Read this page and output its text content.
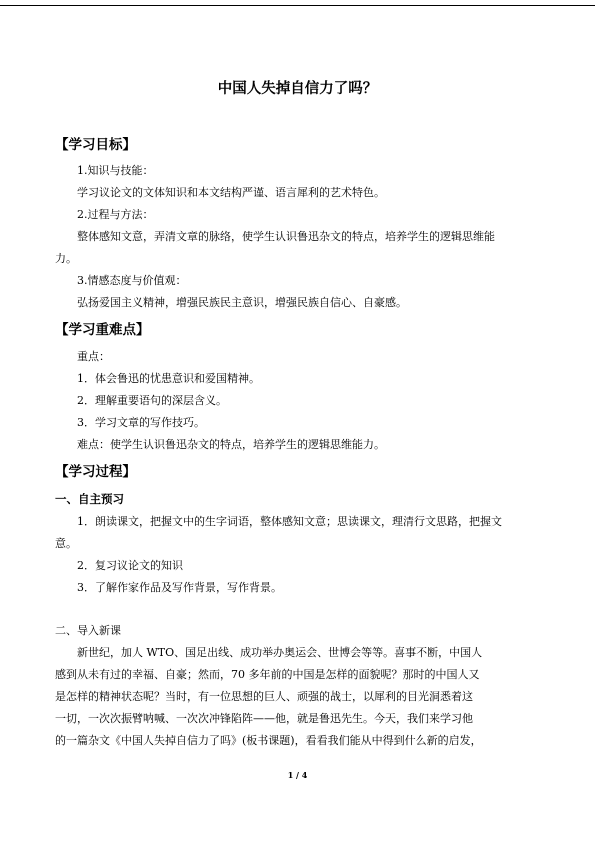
中国人失掉自信力了吗？
【学习目标】
1.知识与技能：
学习议论文的文体知识和本文结构严谨、语言犀利的艺术特色。
2.过程与方法：
整体感知文意，弄清文章的脉络，使学生认识鲁迅杂文的特点，培养学生的逻辑思维能
力。
3.情感态度与价值观：
弘扬爱国主义精神，增强民族民主意识，增强民族自信心、自豪感。
【学习重难点】
重点：
1．体会鲁迅的忧患意识和爱国精神。
2．理解重要语句的深层含义。
3．学习文章的写作技巧。
难点：使学生认识鲁迅杂文的特点，培养学生的逻辑思维能力。
【学习过程】
一、自主预习
1．朗读课文，把握文中的生字词语，整体感知文意；思读课文，理清行文思路，把握文
意。
2．复习议论文的知识
3．了解作家作品及写作背景，写作背景。
二、导入新课
新世纪，加人 WTO、国足出线、成功举办奥运会、世博会等等。喜事不断，中国人
感到从未有过的幸福、自豪；然而，70 多年前的中国是怎样的面貌呢？那时的中国人又
是怎样的精神状态呢？当时，有一位思想的巨人、顽强的战士，以犀利的目光洞悉着这
一切，一次次振臂呐喊、一次次冲锋陷阵——他，就是鲁迅先生。今天，我们来学习他
的一篇杂文《中国人失掉自信力了吗》(板书课题)，看看我们能从中得到什么新的启发，
1 / 4
